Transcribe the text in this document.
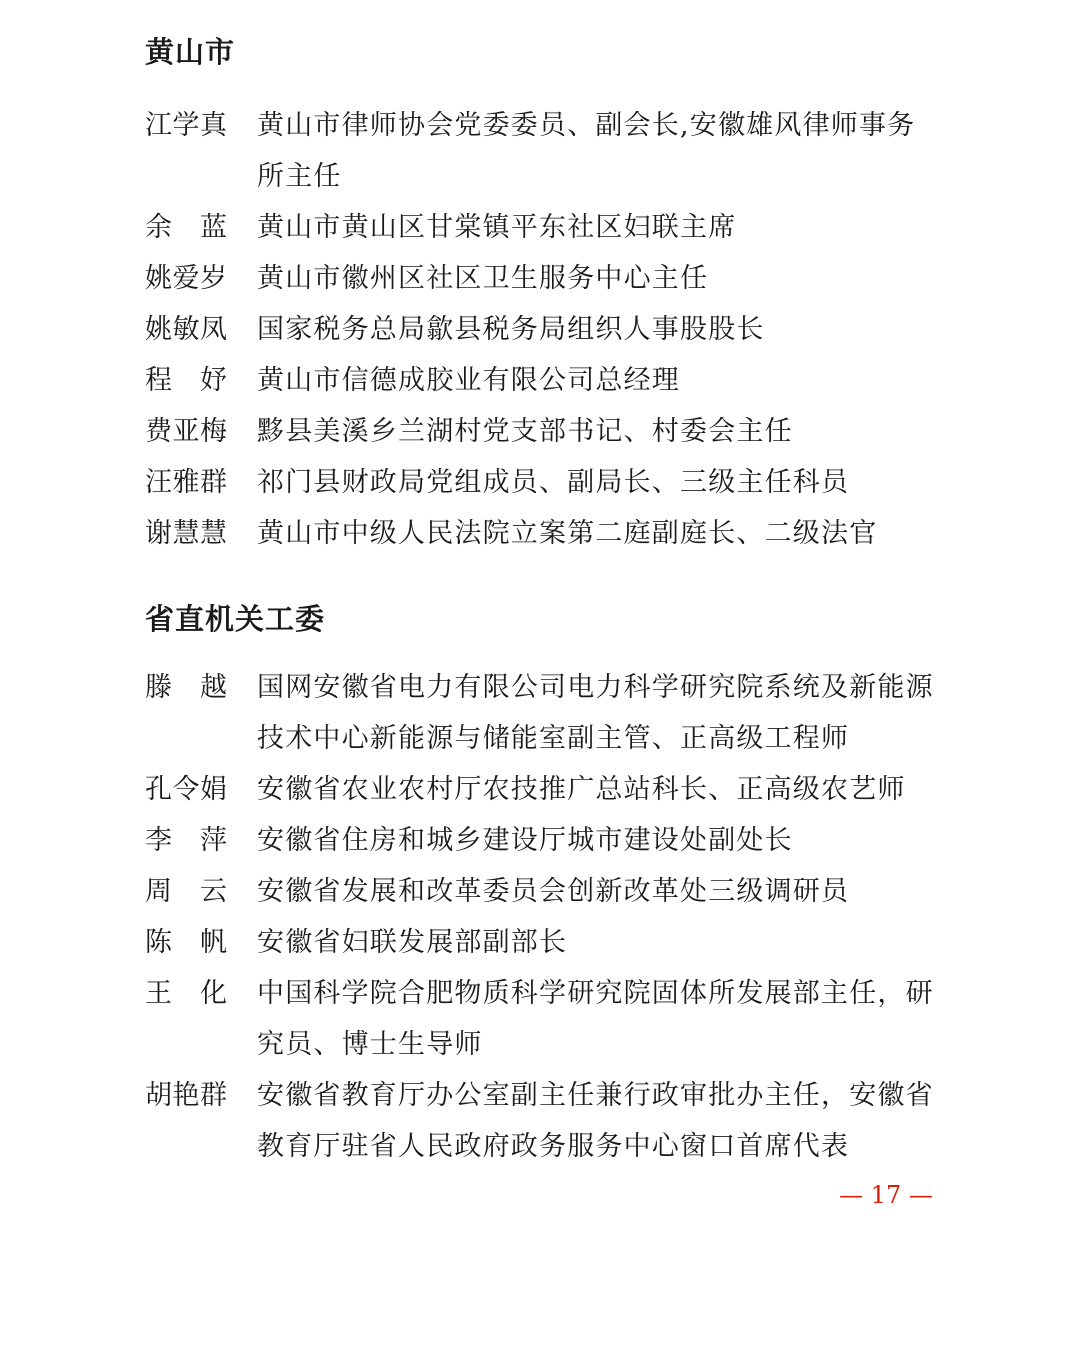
黄山市
江学真 黄山市律师协会党委委员、副会长,安徽雄风律师事务所主任
余　蓝 黄山市黄山区甘棠镇平东社区妇联主席
姚爱岁 黄山市徽州区社区卫生服务中心主任
姚敏凤 国家税务总局歙县税务局组织人事股股长
程　妤 黄山市信德成胶业有限公司总经理
费亚梅 黟县美溪乡兰湖村党支部书记、村委会主任
汪雅群 祁门县财政局党组成员、副局长、三级主任科员
谢慧慧 黄山市中级人民法院立案第二庭副庭长、二级法官
省直机关工委
滕　越 国网安徽省电力有限公司电力科学研究院系统及新能源技术中心新能源与储能室副主管、正高级工程师
孔令娟 安徽省农业农村厅农技推广总站科长、正高级农艺师
李　萍 安徽省住房和城乡建设厅城市建设处副处长
周　云 安徽省发展和改革委员会创新改革处三级调研员
陈　帆 安徽省妇联发展部副部长
王　化 中国科学院合肥物质科学研究院固体所发展部主任，研究员、博士生导师
胡艳群 安徽省教育厅办公室副主任兼行政审批办主任，安徽省教育厅驻省人民政府政务服务中心窗口首席代表
— 17 —
